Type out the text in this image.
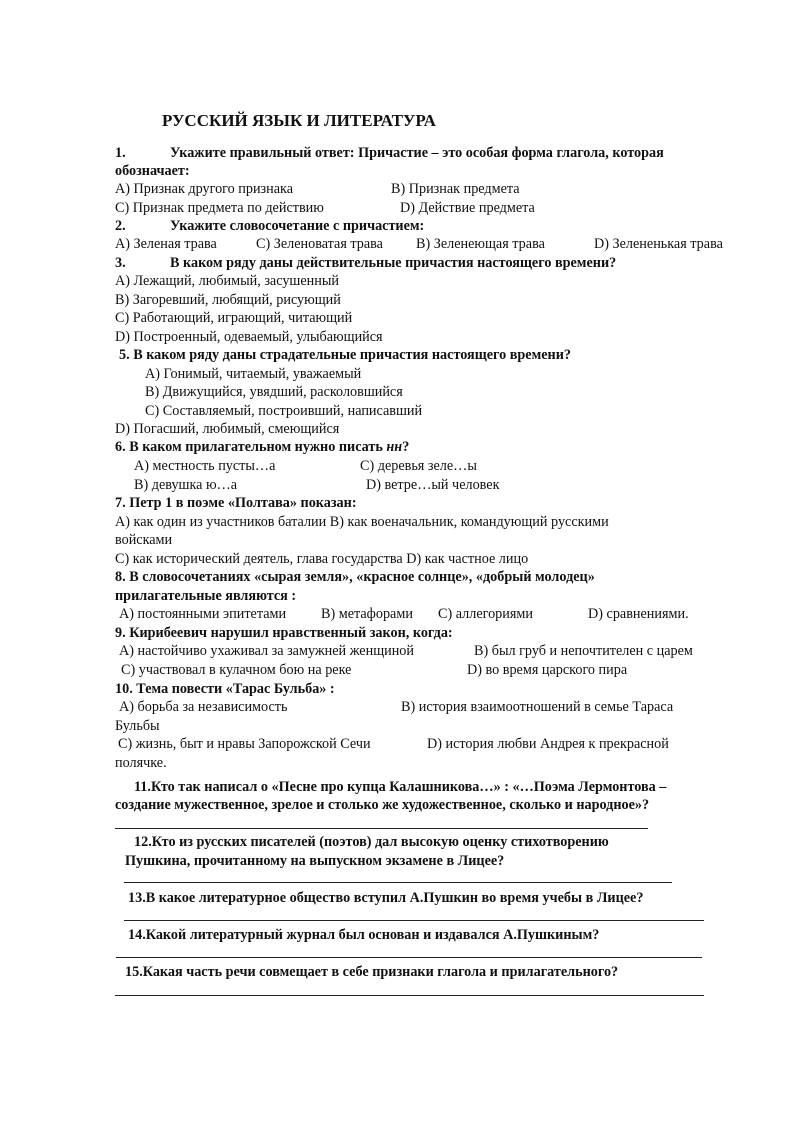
РУССКИЙ ЯЗЫК И ЛИТЕРАТУРА
1.	Укажите правильный ответ: Причастие – это особая форма глагола, которая
обозначает:
А) Признак другого признака	В) Признак предмета
С) Признак предмета по действию	D) Действие предмета
2.	Укажите словосочетание с причастием:
А) Зеленая трава	С) Зеленоватая трава В) Зеленеющая трава	D) Зелененькая трава
3.	В каком ряду даны действительные причастия настоящего времени?
А) Лежащий, любимый, засушенный
В) Загоревший, любящий, рисующий
С) Работающий, играющий, читающий
D) Построенный, одеваемый, улыбающийся
5. В каком ряду даны страдательные причастия настоящего времени?
А) Гонимый, читаемый, уважаемый
В) Движущийся, увядший, расколовшийся
С) Составляемый, построивший, написавший
D) Погасший, любимый, смеющийся
6. В каком прилагательном нужно писать нн?
А) местность пусты…а	С) деревья зеле…ы
В) девушка ю…а	D) ветре…ый человек
7. Петр 1 в поэме «Полтава» показан:
А) как один из участников баталии В) как военачальник, командующий русскими
войсками
С) как исторический деятель, глава государства D) как частное лицо
8. В словосочетаниях «сырая земля», «красное солнце», «добрый молодец»
прилагательные являются :
А) постоянными эпитетами В) метафорами С) аллегориями	D) сравнениями.
9. Кирибеевич нарушил нравственный закон, когда:
А) настойчиво ухаживал за замужней женщиной	В) был груб и непочтителен с царем
С) участвовал в кулачном бою на реке	D) во время царского пира
10. Тема повести «Тарас Бульба» :
А) борьба за независимость	В) история взаимоотношений в семье Тараса
Бульбы
С) жизнь, быт и нравы Запорожской Сечи	D) история любви Андрея к прекрасной
полячке.
11.Кто так написал о «Песне про купца Калашникова…» : «…Поэма Лермонтова –
создание мужественное, зрелое и столько же художественное, сколько и народное»?
12.Кто из русских писателей (поэтов) дал высокую оценку стихотворению
Пушкина, прочитанному на выпускном экзамене в Лицее?
13.В какое литературное общество вступил А.Пушкин во время учебы в Лицее?
14.Какой литературный журнал был основан и издавался А.Пушкиным?
15.Какая часть речи совмещает в себе признаки глагола и прилагательного?
